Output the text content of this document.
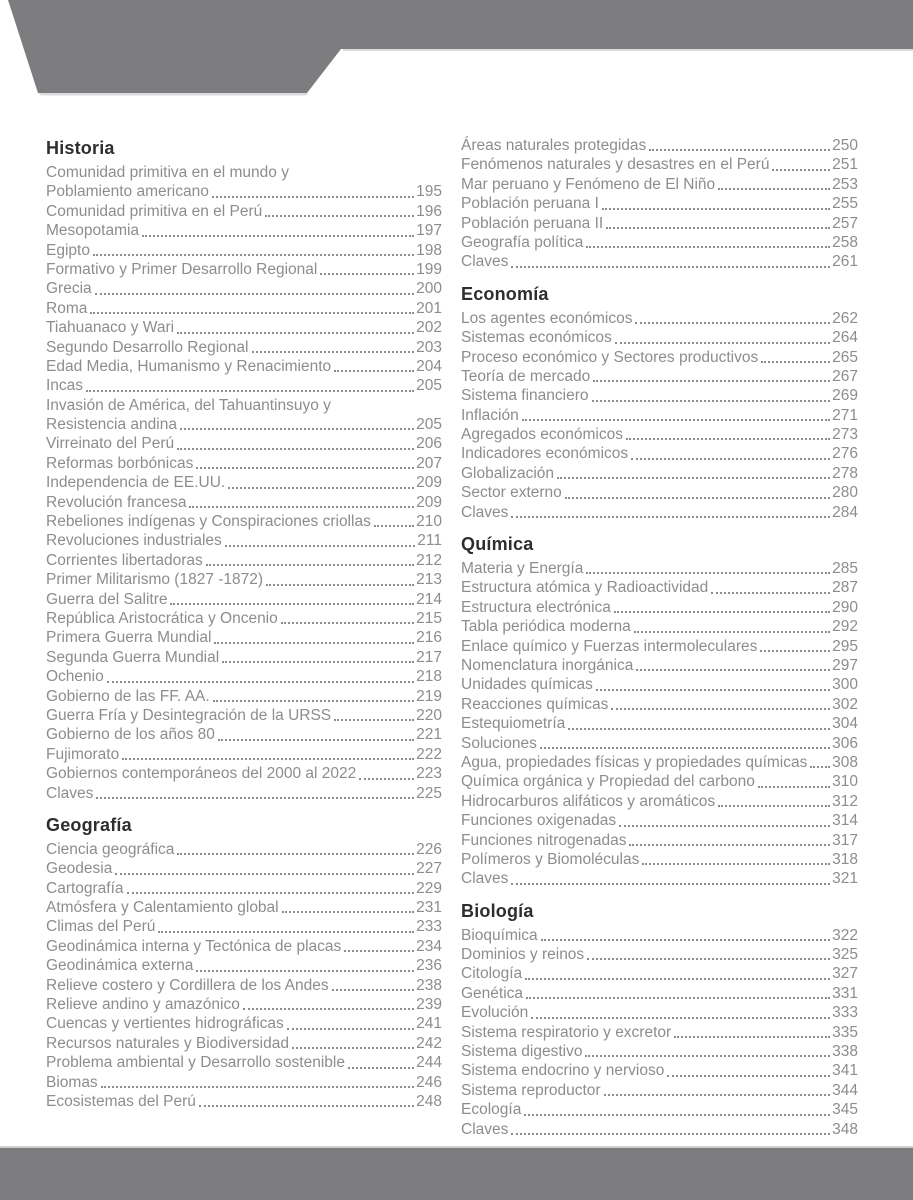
Historia
Comunidad primitiva en el mundo y
Poblamiento americano	195
Comunidad primitiva en el Perú	196
Mesopotamia	197
Egipto	198
Formativo y Primer Desarrollo Regional	199
Grecia	200
Roma	201
Tiahuanaco y Wari	202
Segundo Desarrollo Regional	203
Edad Media, Humanismo y Renacimiento	204
Incas	205
Invasión de América, del Tahuantinsuyo y
Resistencia andina	205
Virreinato del Perú	206
Reformas borbónicas	207
Independencia de EE.UU.	209
Revolución francesa	209
Rebeliones indígenas y Conspiraciones criollas	210
Revoluciones industriales	211
Corrientes libertadoras	212
Primer Militarismo (1827 -1872)	213
Guerra del Salitre	214
República Aristocrática y Oncenio	215
Primera Guerra Mundial	216
Segunda Guerra Mundial	217
Ochenio	218
Gobierno de las FF. AA.	219
Guerra Fría y Desintegración de la URSS	220
Gobierno de los años 80	221
Fujimorato	222
Gobiernos contemporáneos del 2000 al 2022	223
Claves	225
Geografía
Ciencia geográfica	226
Geodesia	227
Cartografía	229
Atmósfera y Calentamiento global	231
Climas del Perú	233
Geodinámica interna y Tectónica de placas	234
Geodinámica externa	236
Relieve costero y Cordillera de los Andes	238
Relieve andino y amazónico	239
Cuencas y vertientes hidrográficas	241
Recursos naturales y Biodiversidad	242
Problema ambiental y Desarrollo sostenible	244
Biomas	246
Ecosistemas del Perú	248
Áreas naturales protegidas	250
Fenómenos naturales y desastres en el Perú	251
Mar peruano y Fenómeno de El Niño	253
Población peruana I	255
Población peruana II	257
Geografía política	258
Claves	261
Economía
Los agentes económicos	262
Sistemas económicos	264
Proceso económico y Sectores productivos	265
Teoría de mercado	267
Sistema financiero	269
Inflación	271
Agregados económicos	273
Indicadores económicos	276
Globalización	278
Sector externo	280
Claves	284
Química
Materia y Energía	285
Estructura atómica y Radioactividad	287
Estructura electrónica	290
Tabla periódica moderna	292
Enlace químico y Fuerzas intermoleculares	295
Nomenclatura inorgánica	297
Unidades químicas	300
Reacciones químicas	302
Estequiometría	304
Soluciones	306
Agua, propiedades físicas y propiedades químicas 308
Química orgánica y Propiedad del carbono	310
Hidrocarburos alifáticos y aromáticos	312
Funciones oxigenadas	314
Funciones nitrogenadas	317
Polímeros y Biomoléculas	318
Claves	321
Biología
Bioquímica	322
Dominios y reinos	325
Citología	327
Genética	331
Evolución	333
Sistema respiratorio y excretor	335
Sistema digestivo	338
Sistema endocrino y nervioso	341
Sistema reproductor	344
Ecología	345
Claves	348
